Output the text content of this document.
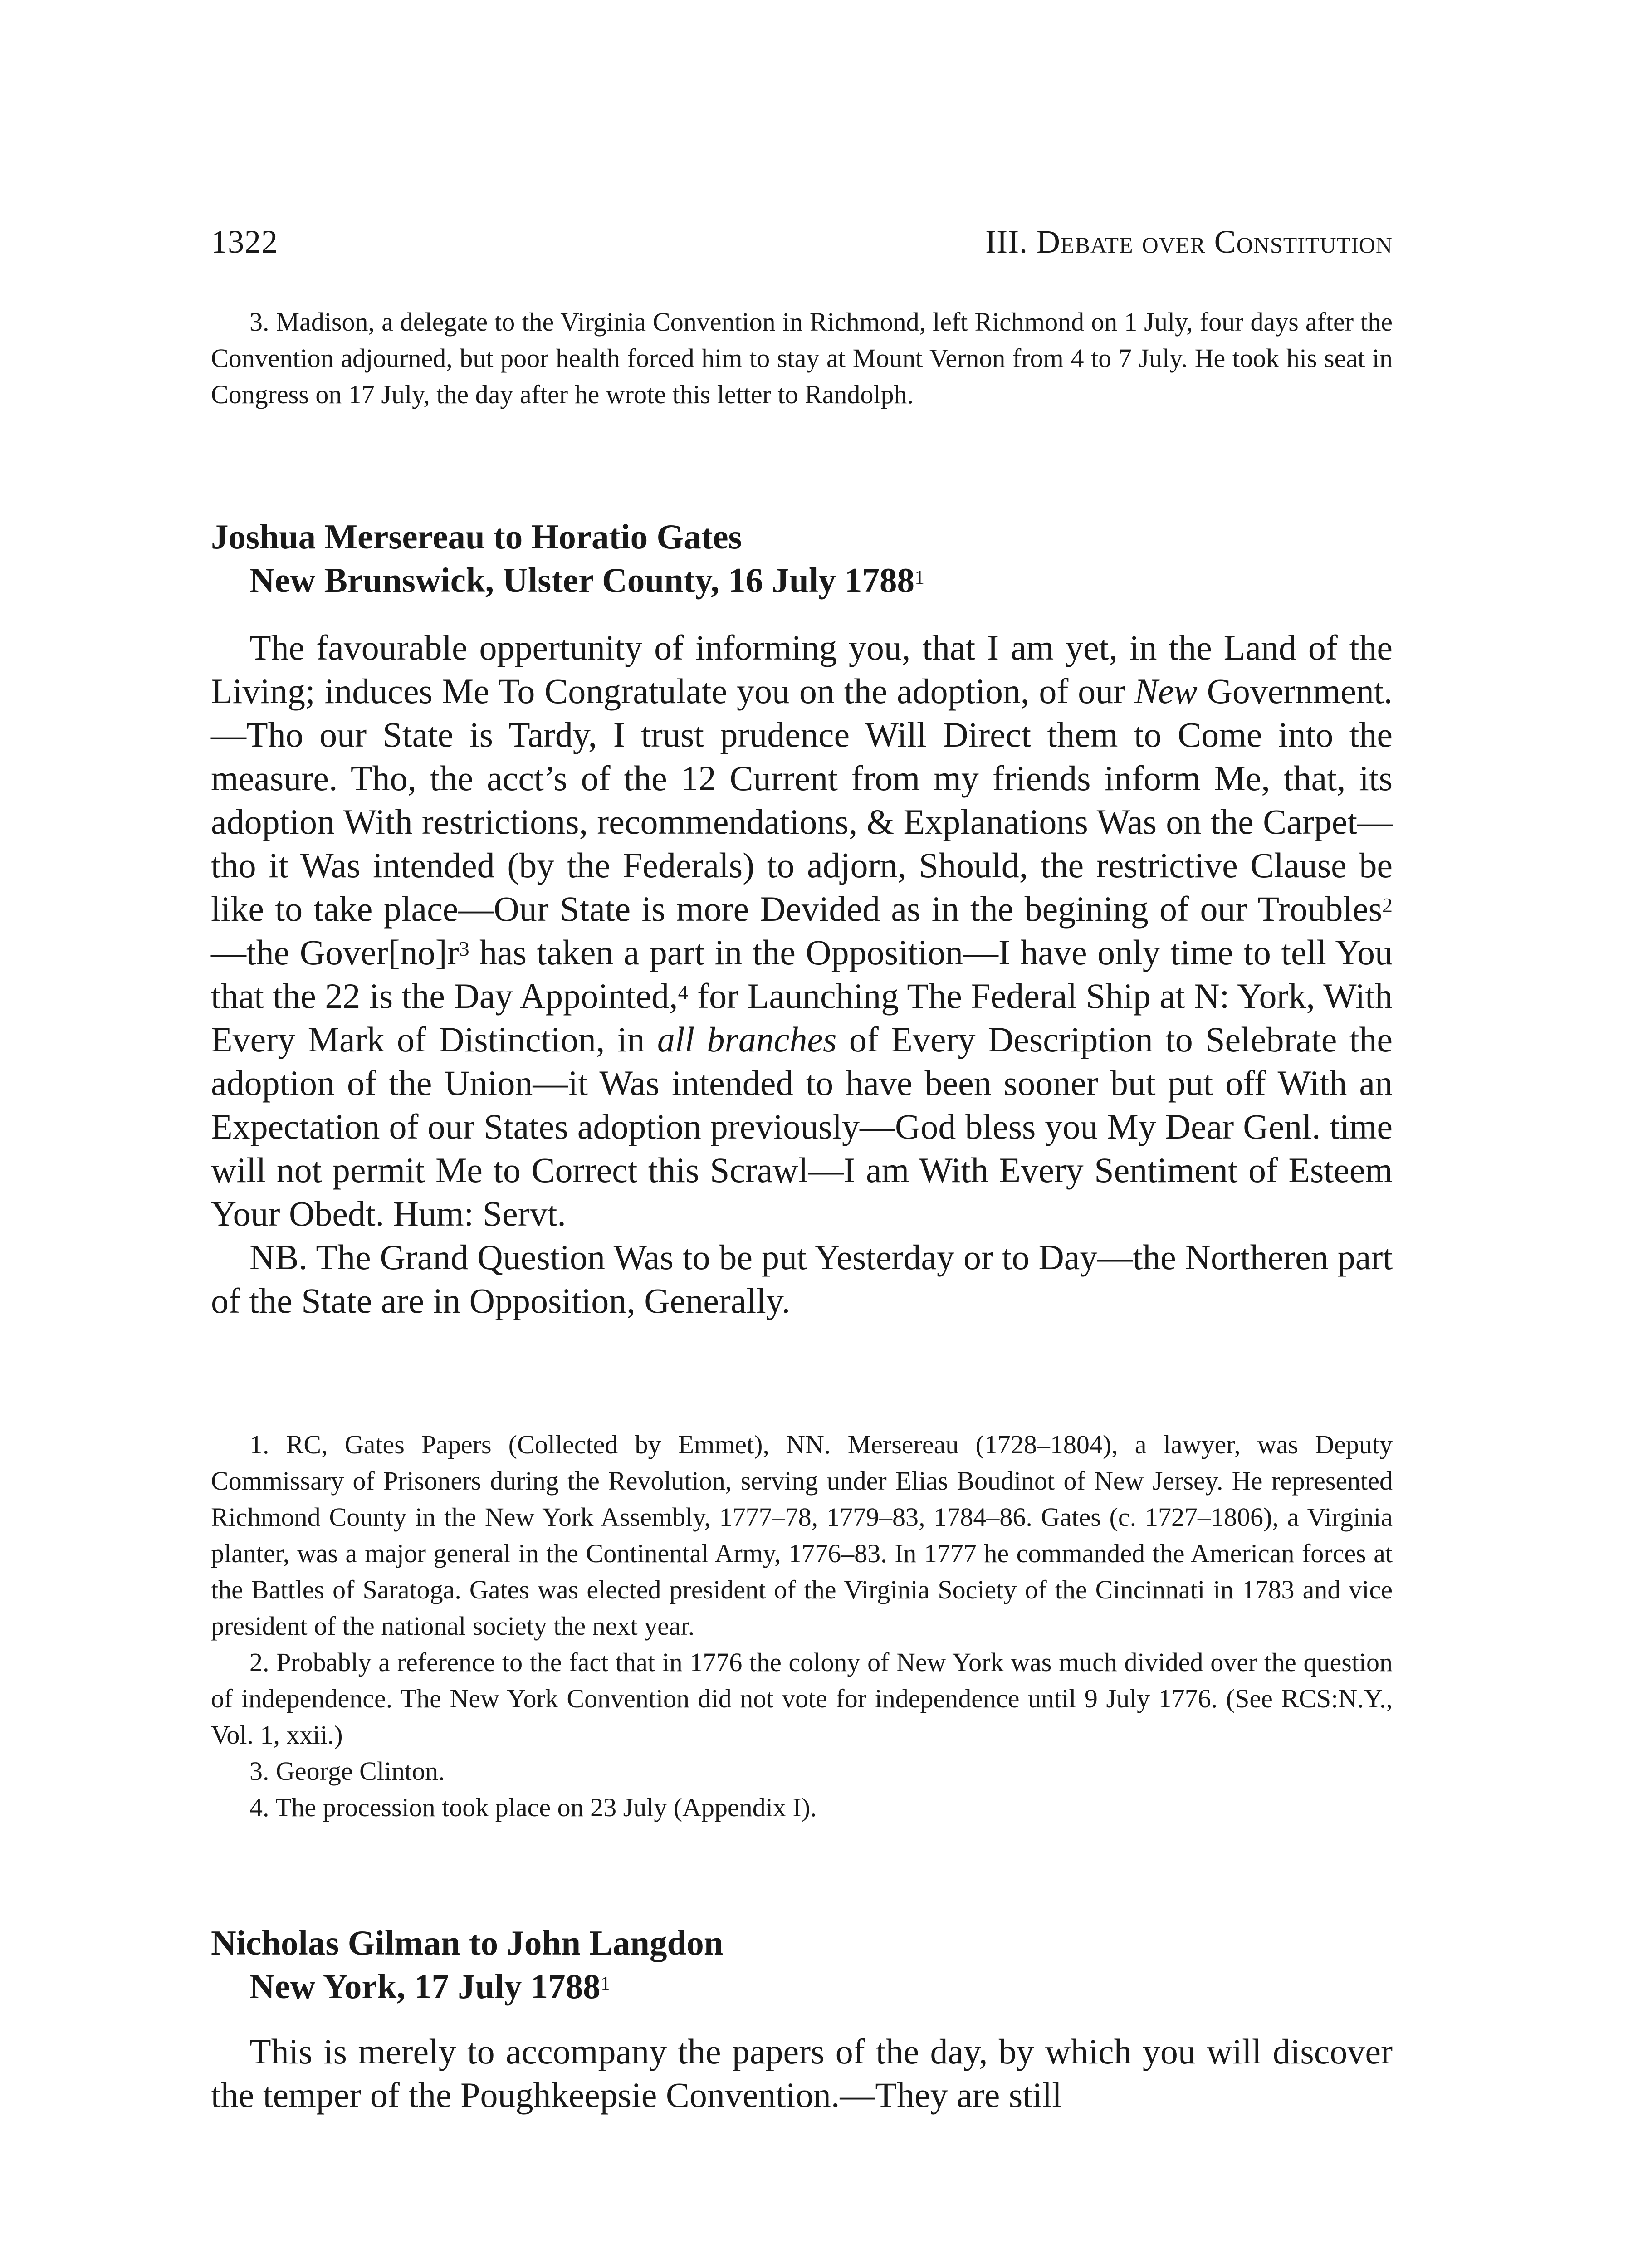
1322	III. Debate over Constitution

3. Madison, a delegate to the Virginia Convention in Richmond, left Richmond on 1 July, four days after the Convention adjourned, but poor health forced him to stay at Mount Vernon from 4 to 7 July. He took his seat in Congress on 17 July, the day after he wrote this letter to Randolph.

Joshua Mersereau to Horatio Gates
New Brunswick, Ulster County, 16 July 1788$^1$

The favourable oppertunity of informing you, that I am yet, in the Land of the Living; induces Me To Congratulate you on the adoption, of our New Government.—Tho our State is Tardy, I trust prudence Will Direct them to Come into the measure. Tho, the acct’s of the 12 Current from my friends inform Me, that, its adoption With restrictions, recommendations, & Explanations Was on the Carpet—tho it Was intended (by the Federals) to adjorn, Should, the restrictive Clause be like to take place—Our State is more Devided as in the begining of our Troubles$^2$—the $Gover[no]r^3$ has taken a part in the Opposition—I have only time to tell You that the 22 is the Day Appointed,$^4$ for Launching The Federal Ship at N: York, With Every Mark of Distinction, in all branches of Every Description to Selebrate the adoption of the Union—it Was intended to have been sooner but put off With an Expectation of our States adoption previously—God bless you My Dear Genl. time will not permit Me to Correct this Scrawl—I am With Every Sentiment of Esteem Your Obedt. Hum: Servt.

NB. The Grand Question Was to be put Yesterday or to Day—the Northeren part of the State are in Opposition, Generally.

1. RC, Gates Papers (Collected by Emmet), NN. Mersereau (1728–1804), a lawyer, was Deputy Commissary of Prisoners during the Revolution, serving under Elias Boudinot of New Jersey. He represented Richmond County in the New York Assembly, 1777–78, 1779–83, 1784–86. Gates (c. 1727–1806), a Virginia planter, was a major general in the Continental Army, 1776–83. In 1777 he commanded the American forces at the Battles of Saratoga. Gates was elected president of the Virginia Society of the Cincinnati in 1783 and vice president of the national society the next year.

2. Probably a reference to the fact that in 1776 the colony of New York was much divided over the question of independence. The New York Convention did not vote for independence until 9 July 1776. (See RCS:N.Y., Vol. 1, xxii.)

3. George Clinton.

4. The procession took place on 23 July (Appendix I).

Nicholas Gilman to John Langdon
New York, 17 July 1788$^1$

This is merely to accompany the papers of the day, by which you will discover the temper of the Poughkeepsie Convention.—They are still
